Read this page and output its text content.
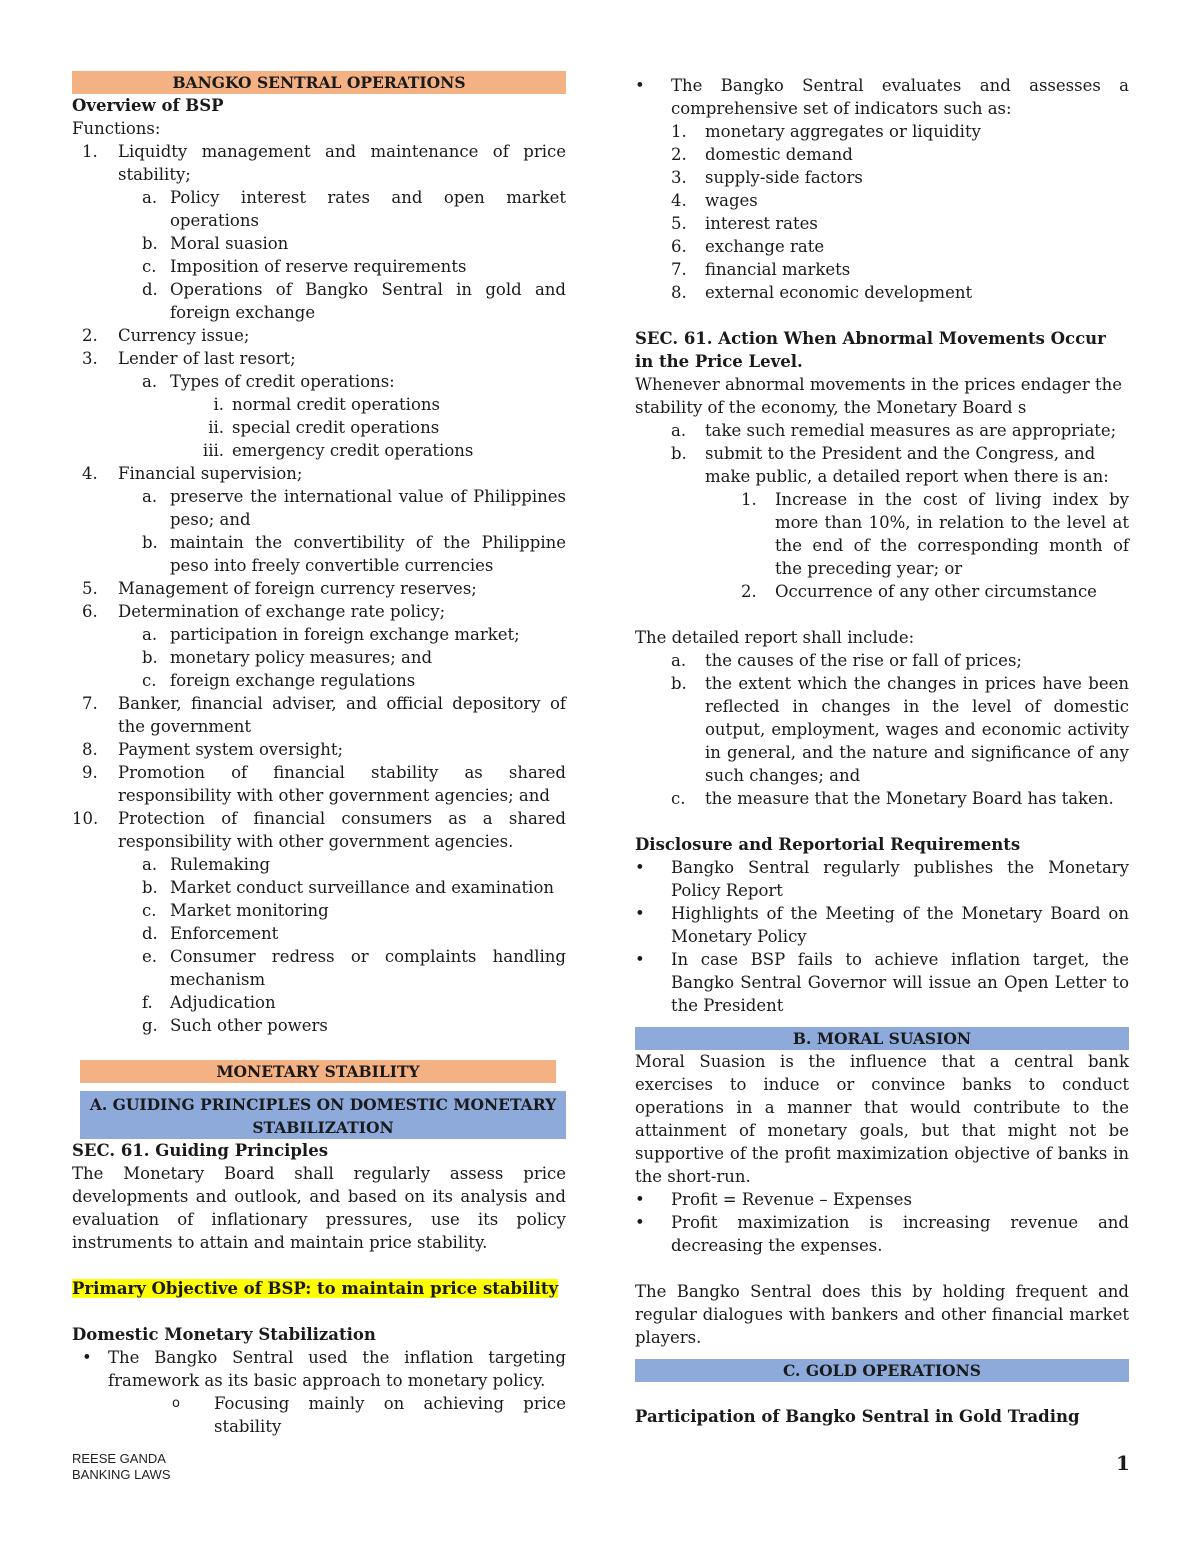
BANGKO SENTRAL OPERATIONS
Overview of BSP
Functions:
1.	Liquidty management and maintenance of price stability;
a. Policy interest rates and open market operations
b. Moral suasion
c. Imposition of reserve requirements
d. Operations of Bangko Sentral in gold and foreign exchange
2.	Currency issue;
3.	Lender of last resort;
a. Types of credit operations:
i. normal credit operations
ii. special credit operations
iii. emergency credit operations
4.	Financial supervision;
a. preserve the international value of Philippines peso; and
b. maintain the convertibility of the Philippine peso into freely convertible currencies
5.	Management of foreign currency reserves;
6.	Determination of exchange rate policy;
a. participation in foreign exchange market;
b. monetary policy measures; and
c. foreign exchange regulations
7.	Banker, financial adviser, and official depository of the government
8.	Payment system oversight;
9.	Promotion of financial stability as shared responsibility with other government agencies; and
10.	Protection of financial consumers as a shared responsibility with other government agencies.
a. Rulemaking
b. Market conduct surveillance and examination
c. Market monitoring
d. Enforcement
e. Consumer redress or complaints handling mechanism
f.	Adjudication
g. Such other powers
MONETARY STABILITY
A. GUIDING PRINCIPLES ON DOMESTIC MONETARY
STABILIZATION
SEC. 61. Guiding Principles
The Monetary Board shall regularly assess price developments and outlook, and based on its analysis and evaluation of inflationary pressures, use its policy instruments to attain and maintain price stability.
Primary Objective of BSP: to maintain price stability
Domestic Monetary Stabilization
• The Bangko Sentral used the inflation targeting framework as its basic approach to monetary policy.
o	Focusing mainly on achieving price stability
•	The Bangko Sentral evaluates and assesses a comprehensive set of indicators such as:
1.	monetary aggregates or liquidity
2.	domestic demand
3.	supply-side factors
4.	wages
5.	interest rates
6.	exchange rate
7.	financial markets
8.	external economic development
SEC. 61. Action When Abnormal Movements Occur in the Price Level.
Whenever abnormal movements in the prices endager the stability of the economy, the Monetary Board s
a.	take such remedial measures as are appropriate;
b.	submit to the President and the Congress, and make public, a detailed report when there is an:
1.	Increase in the cost of living index by more than 10%, in relation to the level at the end of the corresponding month of the preceding year; or
2.	Occurrence of any other circumstance
The detailed report shall include:
a.	the causes of the rise or fall of prices;
b.	the extent which the changes in prices have been reflected in changes in the level of domestic output, employment, wages and economic activity in general, and the nature and significance of any such changes; and
c.	the measure that the Monetary Board has taken.
Disclosure and Reportorial Requirements
•	Bangko Sentral regularly publishes the Monetary Policy Report
•	Highlights of the Meeting of the Monetary Board on Monetary Policy
•	In case BSP fails to achieve inflation target, the Bangko Sentral Governor will issue an Open Letter to the President
B. MORAL SUASION
Moral Suasion is the influence that a central bank exercises to induce or convince banks to conduct operations in a manner that would contribute to the attainment of monetary goals, but that might not be supportive of the profit maximization objective of banks in the short-run.
•	Profit = Revenue – Expenses
•	Profit maximization is increasing revenue and decreasing the expenses.
The Bangko Sentral does this by holding frequent and regular dialogues with bankers and other financial market players.
C. GOLD OPERATIONS
Participation of Bangko Sentral in Gold Trading
REESE GANDA
BANKING LAWS	1
